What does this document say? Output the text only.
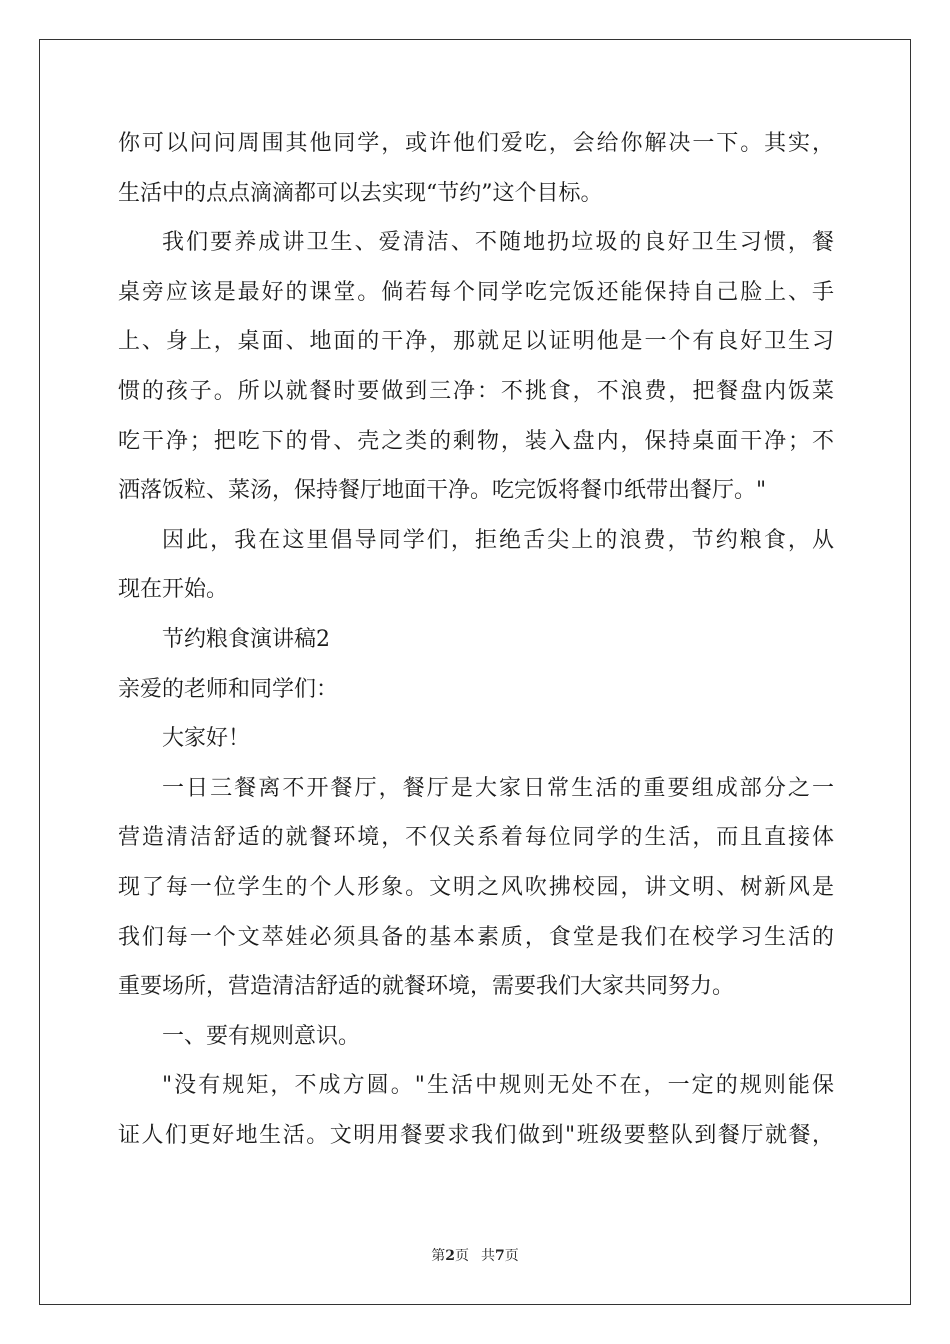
你可以问问周围其他同学，或许他们爱吃，会给你解决一下。其实，
生活中的点点滴滴都可以去实现“节约”这个目标。
我们要养成讲卫生、爱清洁、不随地扔垃圾的良好卫生习惯，餐
桌旁应该是最好的课堂。倘若每个同学吃完饭还能保持自己脸上、手
上、身上，桌面、地面的干净，那就足以证明他是一个有良好卫生习
惯的孩子。所以就餐时要做到三净：不挑食，不浪费，把餐盘内饭菜
吃干净；把吃下的骨、壳之类的剩物，装入盘内，保持桌面干净；不
洒落饭粒、菜汤，保持餐厅地面干净。吃完饭将餐巾纸带出餐厅。"
因此，我在这里倡导同学们，拒绝舌尖上的浪费，节约粮食，从
现在开始。
节约粮食演讲稿2
亲爱的老师和同学们：
大家好！
一日三餐离不开餐厅，餐厅是大家日常生活的重要组成部分之一
营造清洁舒适的就餐环境，不仅关系着每位同学的生活，而且直接体
现了每一位学生的个人形象。文明之风吹拂校园，讲文明、树新风是
我们每一个文萃娃必须具备的基本素质，食堂是我们在校学习生活的
重要场所，营造清洁舒适的就餐环境，需要我们大家共同努力。
一、要有规则意识。
"没有规矩，不成方圆。"生活中规则无处不在，一定的规则能保
证人们更好地生活。文明用餐要求我们做到"班级要整队到餐厅就餐，
第2页 共7页
